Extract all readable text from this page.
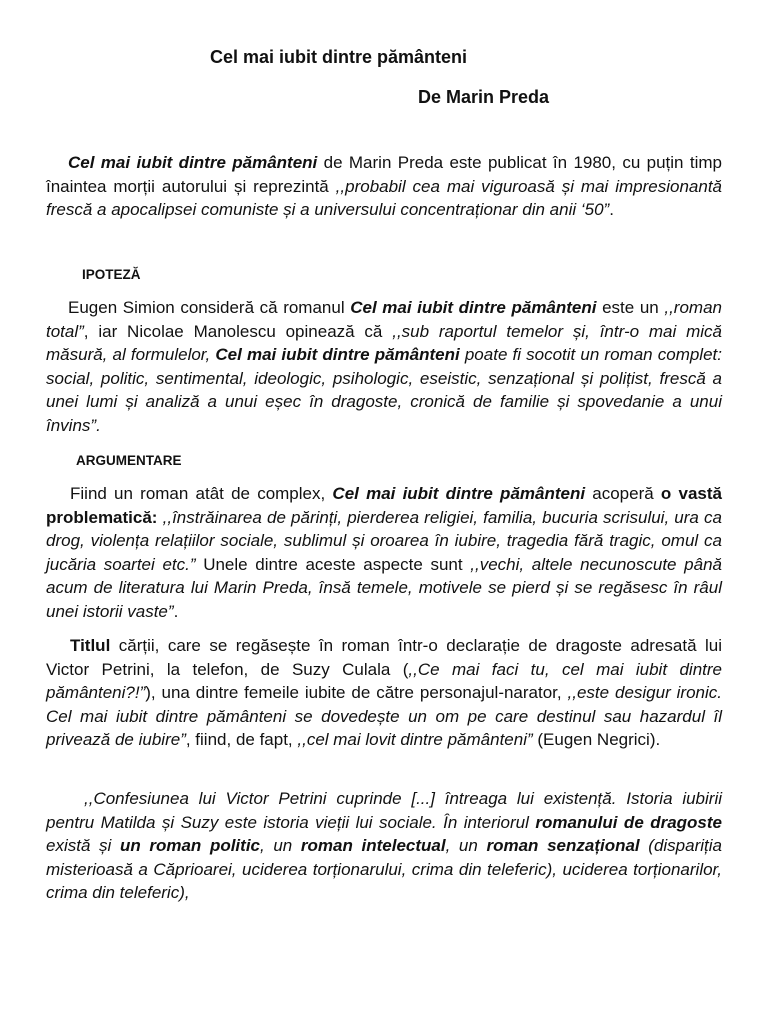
Cel mai iubit dintre pământeni
De Marin Preda

Cel mai iubit dintre pământeni de Marin Preda este publicat în 1980, cu puțin timp înaintea morții autorului și reprezintă ,,probabil cea mai viguroasă și mai impresionantă frescă a apocalipsei comuniste și a universului concentraționar din anii ‘50”.

IPOTEZĂ

Eugen Simion consideră că romanul Cel mai iubit dintre pământeni este un ,,roman total”, iar Nicolae Manolescu opinează că ,,sub raportul temelor și, într-o mai mică măsură, al formulelor, Cel mai iubit dintre pământeni poate fi socotit un roman complet: social, politic, sentimental, ideologic, psihologic, eseistic, senzațional și polițist, frescă a unei lumi și analiză a unui eșec în dragoste, cronică de familie și spovedanie a unui învins”.

ARGUMENTARE

Fiind un roman atât de complex, Cel mai iubit dintre pământeni acoperă o vastă problematică: ,,înstrăinarea de părinți, pierderea religiei, familia, bucuria scrisului, ura ca drog, violența relațiilor sociale, sublimul și oroarea în iubire, tragedia fără tragic, omul ca jucăria soartei etc.” Unele dintre aceste aspecte sunt ,,vechi, altele necunoscute până acum de literatura lui Marin Preda, însă temele, motivele se pierd și se regăsesc în râul unei istorii vaste”.

Titlul cărții, care se regăsește în roman într-o declarație de dragoste adresată lui Victor Petrini, la telefon, de Suzy Culala (,,Ce mai faci tu, cel mai iubit dintre pământeni?!”), una dintre femeile iubite de către personajul-narator, ,,este desigur ironic. Cel mai iubit dintre pământeni se dovedește un om pe care destinul sau hazardul îl privează de iubire”, fiind, de fapt, ,,cel mai lovit dintre pământeni” (Eugen Negrici).

,,Confesiunea lui Victor Petrini cuprinde [...] întreaga lui existență. Istoria iubirii pentru Matilda și Suzy este istoria vieții lui sociale. În interiorul romanului de dragoste există și un roman politic, un roman intelectual, un roman senzațional (dispariția misterioasă a Căprioarei, uciderea torționarului, crima din teleferic), uciderea torționarilor, crima din teleferic),
